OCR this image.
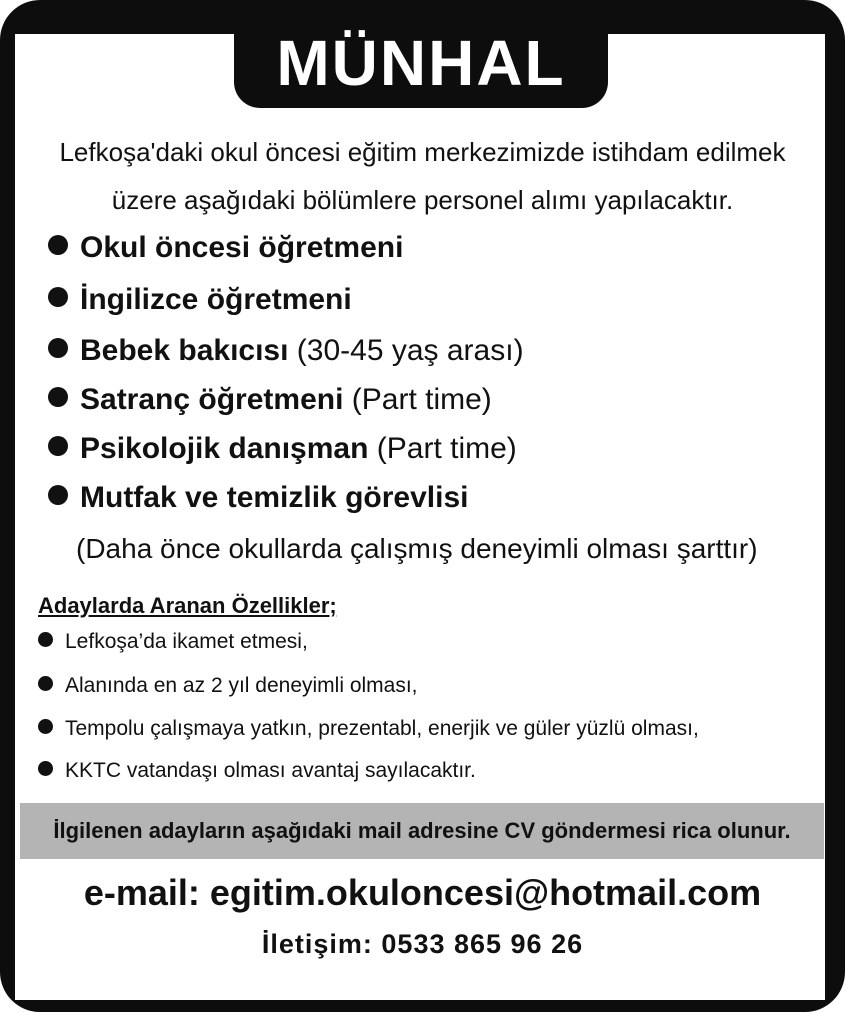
MÜNHAL
Lefkoşa'daki okul öncesi eğitim merkezimizde istihdam edilmek
üzere aşağıdaki bölümlere personel alımı yapılacaktır.
Okul öncesi öğretmeni
İngilizce öğretmeni
Bebek bakıcısı (30-45 yaş arası)
Satranç öğretmeni (Part time)
Psikolojik danışman (Part time)
Mutfak ve temizlik görevlisi
(Daha önce okullarda çalışmış deneyimli olması şarttır)
Adaylarda Aranan Özellikler;
Lefkoşa’da ikamet etmesi,
Alanında en az 2 yıl deneyimli olması,
Tempolu çalışmaya yatkın, prezentabl, enerjik ve güler yüzlü olması,
KKTC vatandaşı olması avantaj sayılacaktır.
İlgilenen adayların aşağıdaki mail adresine CV göndermesi rica olunur.
e-mail: egitim.okuloncesi@hotmail.com
İletişim: 0533 865 96 26
